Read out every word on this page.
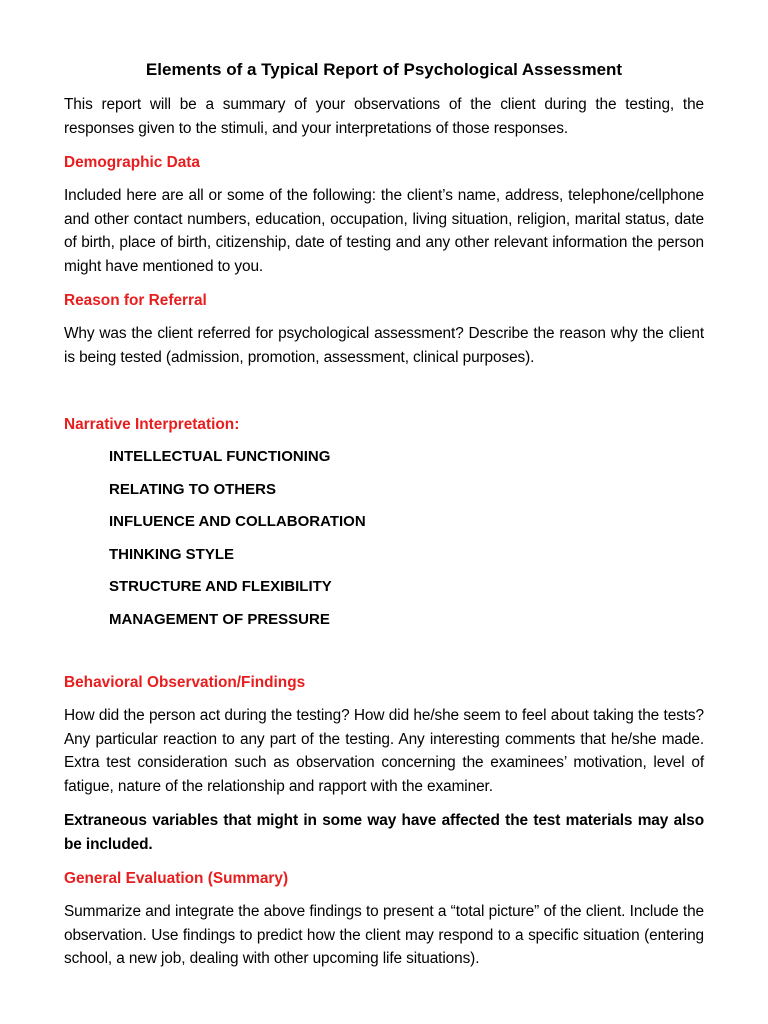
Elements of a Typical Report of Psychological Assessment

This report will be a summary of your observations of the client during the testing, the responses given to the stimuli, and your interpretations of those responses.

Demographic Data

Included here are all or some of the following: the client’s name, address, telephone/cellphone and other contact numbers, education, occupation, living situation, religion, marital status, date of birth, place of birth, citizenship, date of testing and any other relevant information the person might have mentioned to you.

Reason for Referral

Why was the client referred for psychological assessment? Describe the reason why the client is being tested (admission, promotion, assessment, clinical purposes).

Narrative Interpretation:
INTELLECTUAL FUNCTIONING
RELATING TO OTHERS
INFLUENCE AND COLLABORATION
THINKING STYLE
STRUCTURE AND FLEXIBILITY
MANAGEMENT OF PRESSURE
Behavioral Observation/Findings

How did the person act during the testing? How did he/she seem to feel about taking the tests? Any particular reaction to any part of the testing. Any interesting comments that he/she made. Extra test consideration such as observation concerning the examinees’ motivation, level of fatigue, nature of the relationship and rapport with the examiner.

Extraneous variables that might in some way have affected the test materials may also be included.

General Evaluation (Summary)

Summarize and integrate the above findings to present a “total picture” of the client. Include the observation. Use findings to predict how the client may respond to a specific situation (entering school, a new job, dealing with other upcoming life situations).
